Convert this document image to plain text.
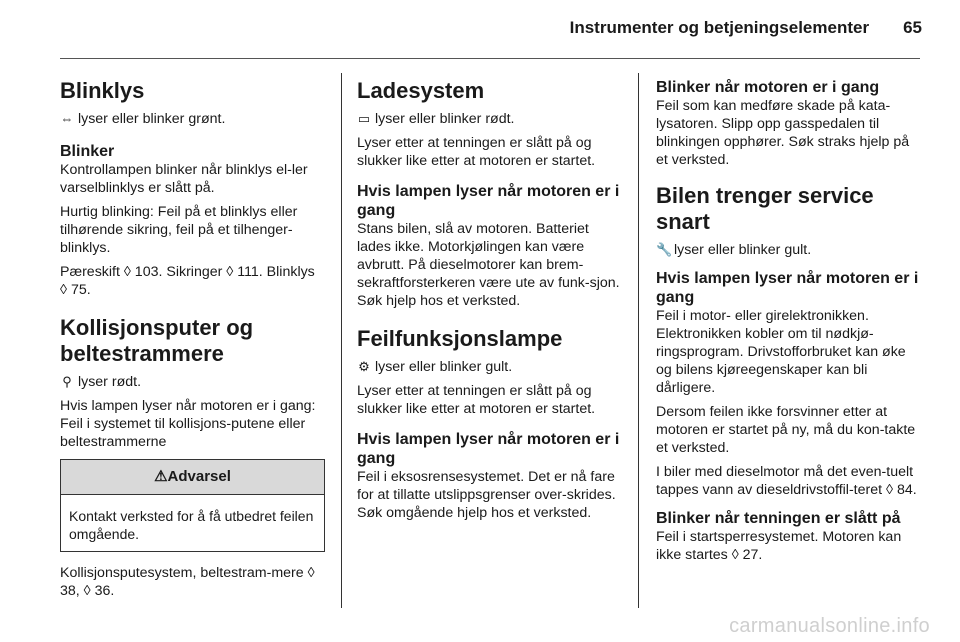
Instrumenter og betjeningselementer 65
Blinklys

⇔ lyser eller blinker grønt.

Blinker

Kontrollampen blinker når blinklys el-ler varselblinklys er slått på.

Hurtig blinking: Feil på et blinklys eller tilhørende sikring, feil på et tilhenger-blinklys.

Pæreskift ◊ 103. Sikringer ◊ 111. Blinklys ◊ 75.

Kollisjonsputer og beltestrammere

⚲ lyser rødt.

Hvis lampen lyser når motoren er i gang: Feil i systemet til kollisjons-putene eller beltestrammerne

⚠Advarsel
Kontakt verksted for å få utbedret feilen omgående.

Kollisjonsputesystem, beltestram-mere ◊ 38, ◊ 36.

Ladesystem

▭ lyser eller blinker rødt.

Lyser etter at tenningen er slått på og slukker like etter at motoren er startet.

Hvis lampen lyser når motoren er i gang

Stans bilen, slå av motoren. Batteriet lades ikke. Motorkjølingen kan være avbrutt. På dieselmotorer kan brem-sekraftforsterkeren være ute av funk-sjon. Søk hjelp hos et verksted.

Feilfunksjonslampe

⚙ lyser eller blinker gult.

Lyser etter at tenningen er slått på og slukker like etter at motoren er startet.

Hvis lampen lyser når motoren er i gang

Feil i eksosrensesystemet. Det er nå fare for at tillatte utslippsgrenser over-skrides. Søk omgående hjelp hos et verksted.

Blinker når motoren er i gang

Feil som kan medføre skade på kata-lysatoren. Slipp opp gasspedalen til blinkingen opphører. Søk straks hjelp på et verksted.

Bilen trenger service snart

🔧 lyser eller blinker gult.

Hvis lampen lyser når motoren er i gang

Feil i motor- eller girelektronikken. Elektronikken kobler om til nødkjø-ringsprogram. Drivstofforbruket kan øke og bilens kjøreegenskaper kan bli dårligere.

Dersom feilen ikke forsvinner etter at motoren er startet på ny, må du kon-takte et verksted.

I biler med dieselmotor må det even-tuelt tappes vann av dieseldrivstoffil-teret ◊ 84.

Blinker når tenningen er slått på

Feil i startsperresystemet. Motoren kan ikke startes ◊ 27.

carmanualsonline.info
